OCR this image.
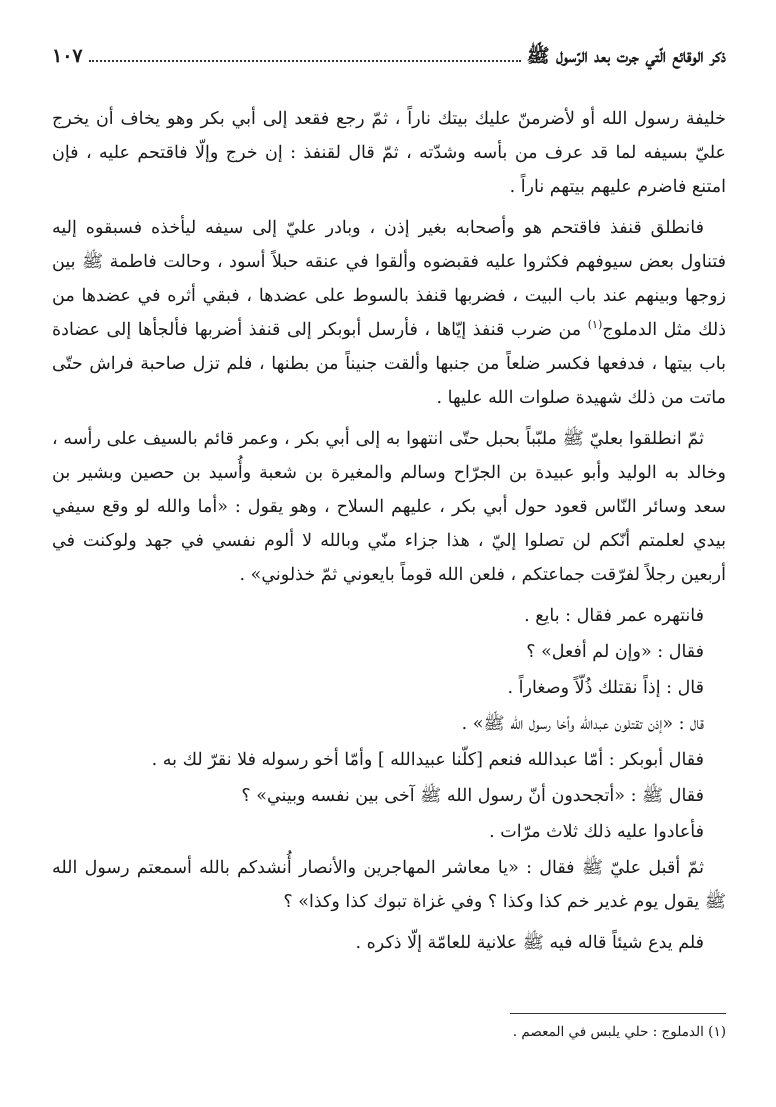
ذكر الوقائع الّتي جرت بعد الرّسول ﷺ
١٠٧

خليفة رسول الله أو لأضرمنّ عليك بيتك ناراً ، ثمّ رجع فقعد إلى أبي بكر وهو يخاف أن يخرج عليّ بسيفه لما قد عرف من بأسه وشدّته ، ثمّ قال لقنفذ : إن خرج وإلّا فاقتحم عليه ، فإن امتنع فاضرم عليهم بيتهم ناراً .

فانطلق قنفذ فاقتحم هو وأصحابه بغير إذن ، وبادر عليّ إلى سيفه ليأخذه فسبقوه إليه فتناول بعض سيوفهم فكثروا عليه فقبضوه وألقوا في عنقه حبلاً أسود ، وحالت فاطمة ﷺ بين زوجها وبينهم عند باب البيت ، فضربها قنفذ بالسوط على عضدها ، فبقي أثره في عضدها من ذلك مثل الدملوج$^{(١)}$ من ضرب قنفذ إيّاها ، فأرسل أبوبكر إلى قنفذ أضربها فألجأها إلى عضادة باب بيتها ، فدفعها فكسر ضلعاً من جنبها وألقت جنيناً من بطنها ، فلم تزل صاحبة فراش حتّى ماتت من ذلك شهيدة صلوات الله عليها .

ثمّ انطلقوا بعليّ ﷺ ملبّباً بحبل حتّى انتهوا به إلى أبي بكر ، وعمر قائم بالسيف على رأسه ، وخالد به الوليد وأبو عبيدة بن الجرّاح وسالم والمغيرة بن شعبة وأُسيد بن حصين وبشير بن سعد وسائر النّاس قعود حول أبي بكر ، عليهم السلاح ، وهو يقول : «أما والله لو وقع سيفي بيدي لعلمتم أنّكم لن تصلوا إليّ ، هذا جزاء منّي وبالله لا ألوم نفسي في جهد ولوكنت في أربعين رجلاً لفرّقت جماعتكم ، فلعن الله قوماً بايعوني ثمّ خذلوني» .

فانتهره عمر فقال : بايع .

فقال : «وإن لم أفعل» ؟

قال : إذاً نقتلك ذُلّاً وصغاراً .

قال : «إذن تقتلون عبدالله وأخا رسول الله ﷺ» .

فقال أبوبكر : أمّا عبدالله فنعم [كلّنا عبيدالله ] وأمّا أخو رسوله فلا نقرّ لك به .

فقال ﷺ : «أتجحدون أنّ رسول الله ﷺ آخى بين نفسه وبيني» ؟

فأعادوا عليه ذلك ثلاث مرّات .

ثمّ أقبل عليّ ﷺ فقال : «يا معاشر المهاجرين والأنصار أُنشدكم بالله أسمعتم رسول الله ﷺ يقول يوم غدير خم كذا وكذا ؟ وفي غزاة تبوك كذا وكذا» ؟

فلم يدع شيئاً قاله فيه ﷺ علانية للعامّة إلّا ذكره .

(١) الدملوج : حلي يلبس في المعصم .
